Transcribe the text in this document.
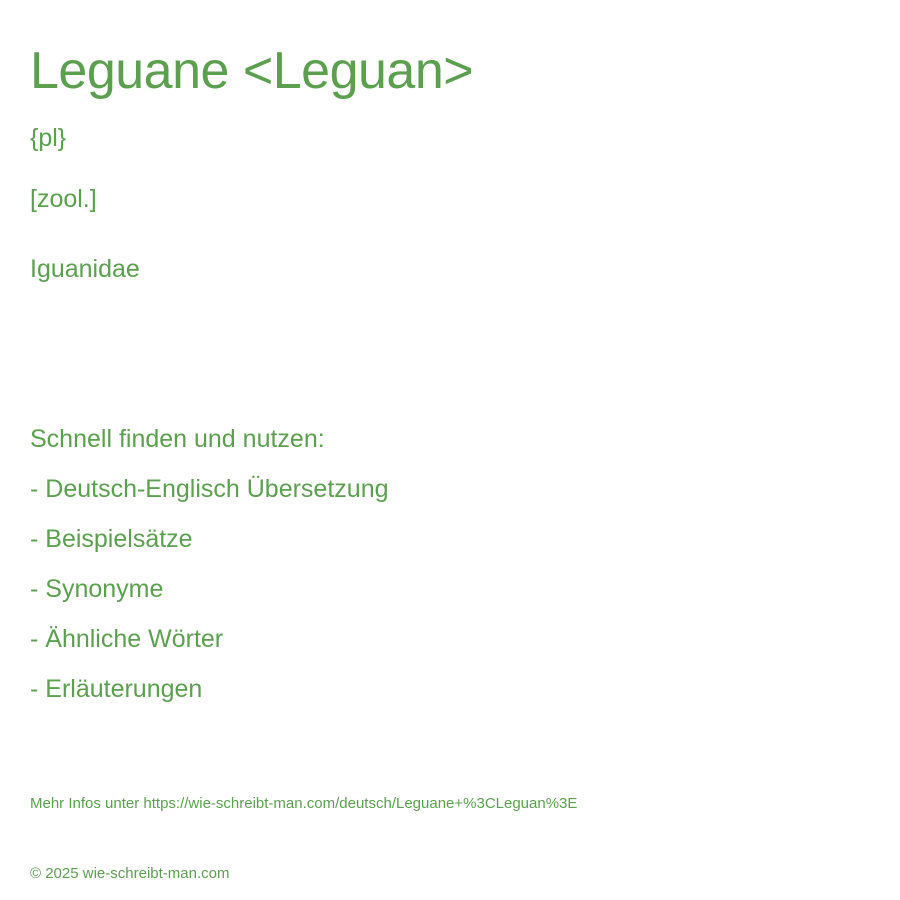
Leguane <Leguan>
{pl}
[zool.]
Iguanidae
Schnell finden und nutzen:
- Deutsch-Englisch Übersetzung
- Beispielsätze
- Synonyme
- Ähnliche Wörter
- Erläuterungen
Mehr Infos unter https://wie-schreibt-man.com/deutsch/Leguane+%3CLeguan%3E
© 2025 wie-schreibt-man.com
